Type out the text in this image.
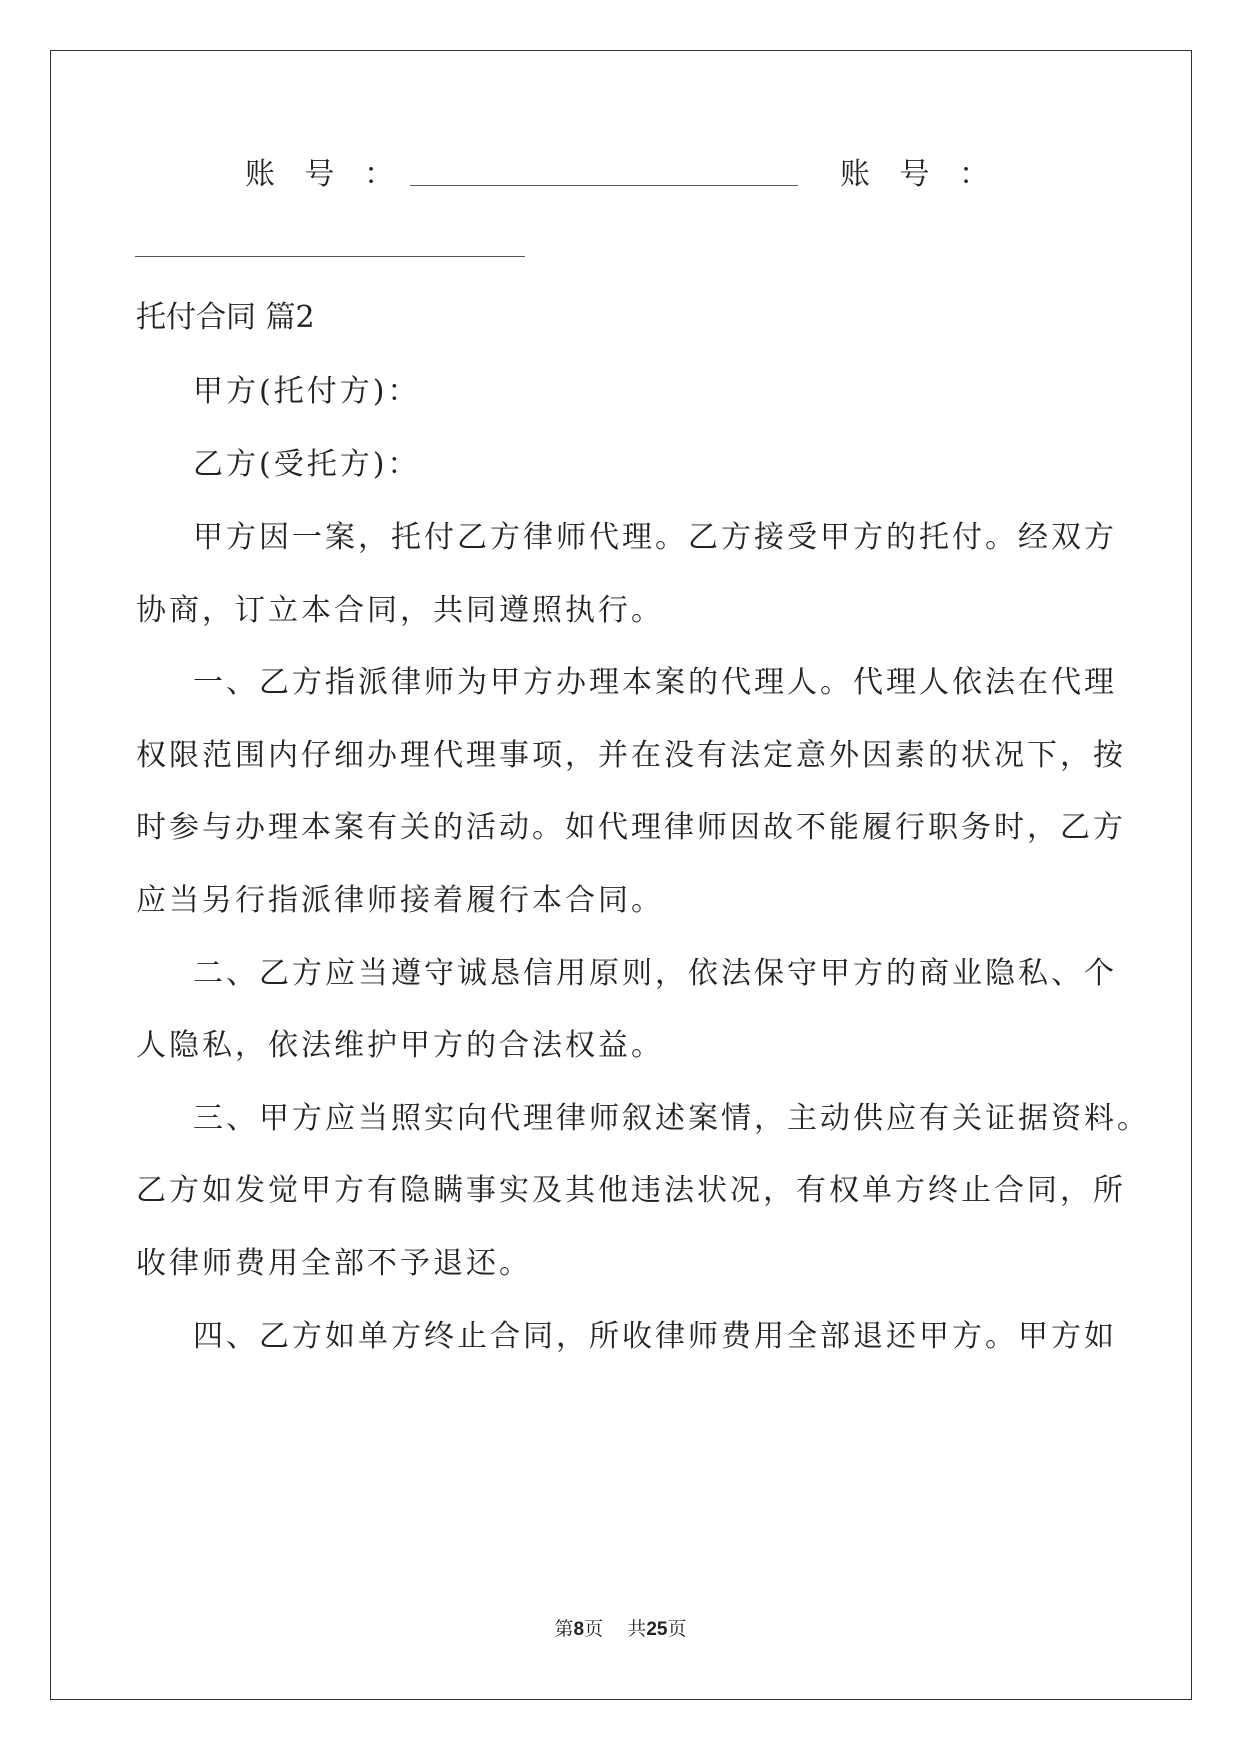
账 号 ：	账 号 ：
托付合同 篇2
甲方(托付方)：
乙方(受托方)：
甲方因一案，托付乙方律师代理。乙方接受甲方的托付。经双方
协商，订立本合同，共同遵照执行。
一、乙方指派律师为甲方办理本案的代理人。代理人依法在代理
权限范围内仔细办理代理事项，并在没有法定意外因素的状况下，按
时参与办理本案有关的活动。如代理律师因故不能履行职务时，乙方
应当另行指派律师接着履行本合同。
二、乙方应当遵守诚恳信用原则，依法保守甲方的商业隐私、个
人隐私，依法维护甲方的合法权益。
三、甲方应当照实向代理律师叙述案情，主动供应有关证据资料。
乙方如发觉甲方有隐瞒事实及其他违法状况，有权单方终止合同，所
收律师费用全部不予退还。
四、乙方如单方终止合同，所收律师费用全部退还甲方。甲方如
第8页 共25页
